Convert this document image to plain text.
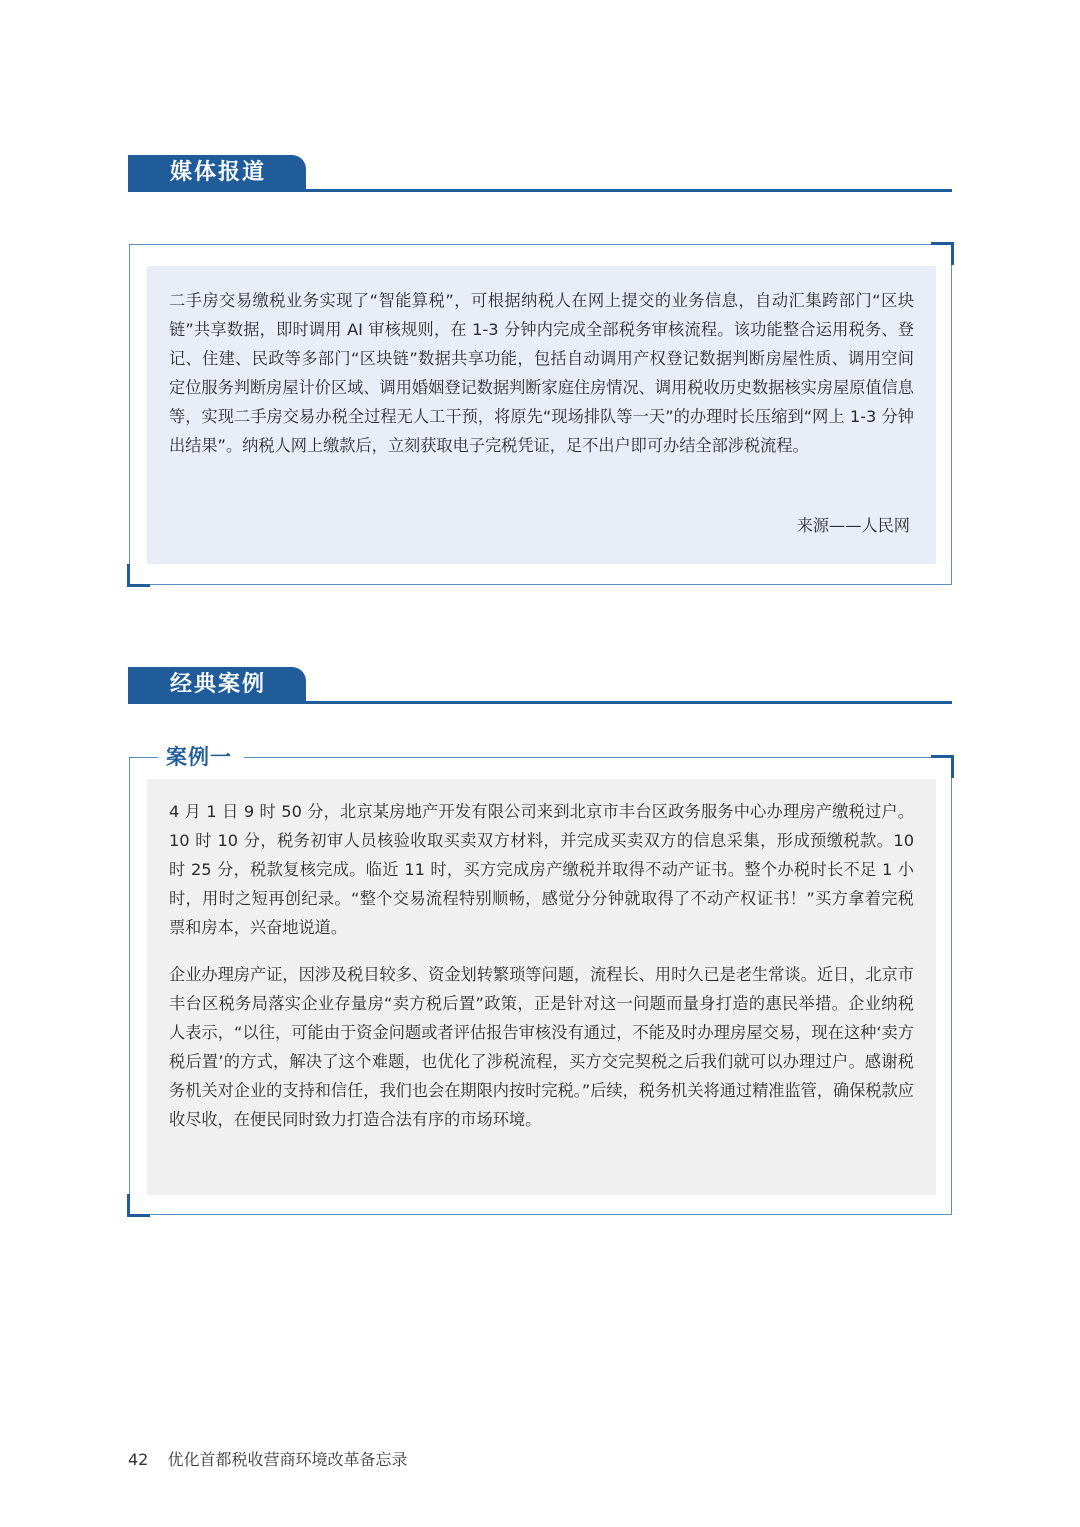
媒体报道

二手房交易缴税业务实现了“智能算税”，可根据纳税人在网上提交的业务信息，自动汇集跨部门“区块链”共享数据，即时调用 AI 审核规则，在 1-3 分钟内完成全部税务审核流程。该功能整合运用税务、登记、住建、民政等多部门“区块链”数据共享功能，包括自动调用产权登记数据判断房屋性质、调用空间定位服务判断房屋计价区域、调用婚姻登记数据判断家庭住房情况、调用税收历史数据核实房屋原值信息等，实现二手房交易办税全过程无人工干预，将原先“现场排队等一天”的办理时长压缩到“网上 1-3 分钟出结果”。纳税人网上缴款后，立刻获取电子完税凭证，足不出户即可办结全部涉税流程。

来源——人民网
经典案例
案例一

4 月 1 日 9 时 50 分，北京某房地产开发有限公司来到北京市丰台区政务服务中心办理房产缴税过户。10 时 10 分，税务初审人员核验收取买卖双方材料，并完成买卖双方的信息采集，形成预缴税款。10 时 25 分，税款复核完成。临近 11 时，买方完成房产缴税并取得不动产证书。整个办税时长不足 1 小时，用时之短再创纪录。“整个交易流程特别顺畅，感觉分分钟就取得了不动产权证书！”买方拿着完税票和房本，兴奋地说道。

企业办理房产证，因涉及税目较多、资金划转繁琐等问题，流程长、用时久已是老生常谈。近日，北京市丰台区税务局落实企业存量房“卖方税后置”政策，正是针对这一问题而量身打造的惠民举措。企业纳税人表示，“以往，可能由于资金问题或者评估报告审核没有通过，不能及时办理房屋交易，现在这种‘卖方税后置’的方式，解决了这个难题，也优化了涉税流程，买方交完契税之后我们就可以办理过户。感谢税务机关对企业的支持和信任，我们也会在期限内按时完税。”后续，税务机关将通过精准监管，确保税款应收尽收，在便民同时致力打造合法有序的市场环境。

42 优化首都税收营商环境改革备忘录
